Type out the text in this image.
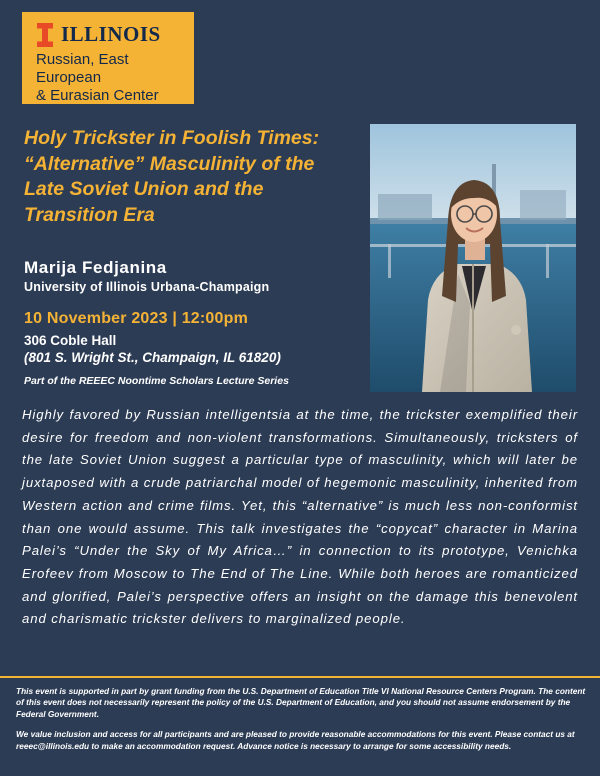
ILLINOIS
Russian, East European
& Eurasian Center
Holy Trickster in Foolish Times: “Alternative” Masculinity of the Late Soviet Union and the Transition Era
Marija Fedjanina
University of Illinois Urbana-Champaign
10 November 2023 | 12:00pm
306 Coble Hall
(801 S. Wright St., Champaign, IL 61820)
Part of the REEEC Noontime Scholars Lecture Series
Highly favored by Russian intelligentsia at the time, the trickster exemplified their desire for freedom and non-violent transformations. Simultaneously, tricksters of the late Soviet Union suggest a particular type of masculinity, which will later be juxtaposed with a crude patriarchal model of hegemonic masculinity, inherited from Western action and crime films. Yet, this “alternative” is much less non-conformist than one would assume. This talk investigates the “copycat” character in Marina Palei’s “Under the Sky of My Africa…” in connection to its prototype, Venichka Erofeev from Moscow to The End of The Line. While both heroes are romanticized and glorified, Palei’s perspective offers an insight on the damage this benevolent and charismatic trickster delivers to marginalized people.

This event is supported in part by grant funding from the U.S. Department of Education Title VI National Resource Centers Program. The content of this event does not necessarily represent the policy of the U.S. Department of Education, and you should not assume endorsement by the Federal Government.

We value inclusion and access for all participants and are pleased to provide reasonable accommodations for this event. Please contact us at reeec@illinois.edu to make an accommodation request. Advance notice is necessary to arrange for some accessibility needs.
